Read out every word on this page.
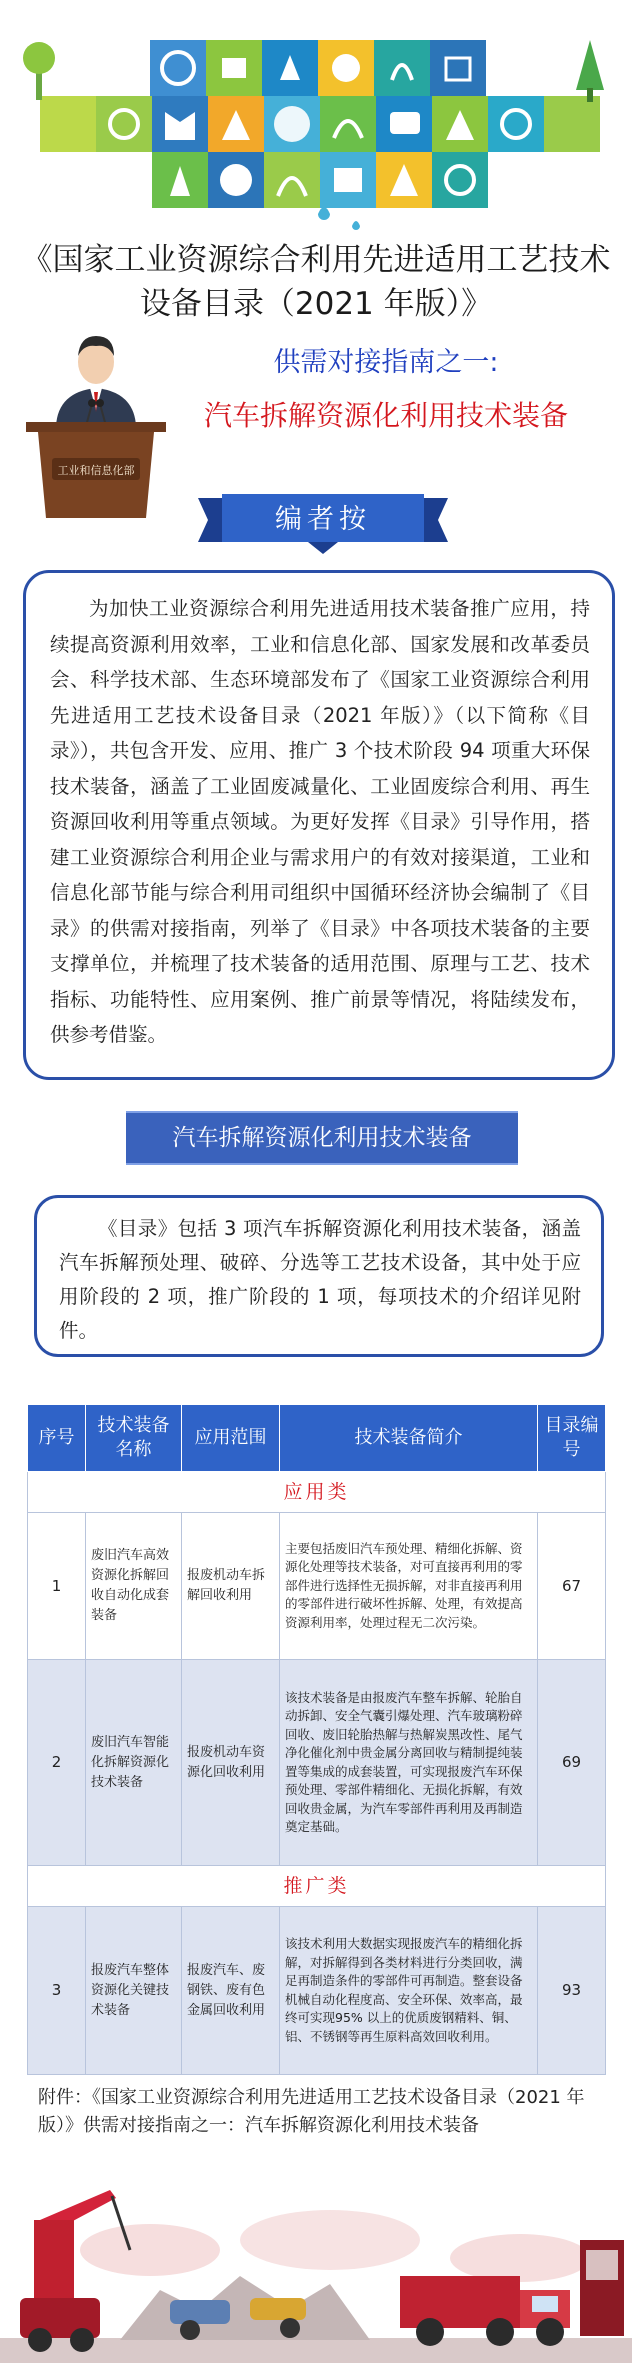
《国家工业资源综合利用先进适用工艺技术设备目录（2021 年版）》
工业和信息化部
供需对接指南之一:
汽车拆解资源化利用技术装备
编者按

为加快工业资源综合利用先进适用技术装备推广应用，持续提高资源利用效率，工业和信息化部、国家发展和改革委员会、科学技术部、生态环境部发布了《国家工业资源综合利用先进适用工艺技术设备目录（2021 年版）》（以下简称《目录》），共包含开发、应用、推广 3 个技术阶段 94 项重大环保技术装备，涵盖了工业固废减量化、工业固废综合利用、再生资源回收利用等重点领域。为更好发挥《目录》引导作用，搭建工业资源综合利用企业与需求用户的有效对接渠道，工业和信息化部节能与综合利用司组织中国循环经济协会编制了《目录》的供需对接指南，列举了《目录》中各项技术装备的主要支撑单位，并梳理了技术装备的适用范围、原理与工艺、技术指标、功能特性、应用案例、推广前景等情况，将陆续发布，供参考借鉴。

汽车拆解资源化利用技术装备

《目录》包括 3 项汽车拆解资源化利用技术装备，涵盖汽车拆解预处理、破碎、分选等工艺技术设备，其中处于应用阶段的 2 项，推广阶段的 1 项，每项技术的介绍详见附件。

序号	技术装备名称	应用范围	技术装备简介	目录编号
应用类				
1	废旧汽车高效资源化拆解回收自动化成套装备	报废机动车拆解回收利用	主要包括废旧汽车预处理、精细化拆解、资源化处理等技术装备，对可直接再利用的零部件进行选择性无损拆解，对非直接再利用的零部件进行破坏性拆解、处理，有效提高资源利用率，处理过程无二次污染。	67
2	废旧汽车智能化拆解资源化技术装备	报废机动车资源化回收利用	该技术装备是由报废汽车整车拆解、轮胎自动拆卸、安全气囊引爆处理、汽车玻璃粉碎回收、废旧轮胎热解与热解炭黑改性、尾气净化催化剂中贵金属分离回收与精制提纯装置等集成的成套装置，可实现报废汽车环保预处理、零部件精细化、无损化拆解，有效回收贵金属，为汽车零部件再利用及再制造奠定基础。	69
推广类				
3	报废汽车整体资源化关键技术装备	报废汽车、废钢铁、废有色金属回收利用	该技术利用大数据实现报废汽车的精细化拆解，对拆解得到各类材料进行分类回收，满足再制造条件的零部件可再制造。整套设备机械自动化程度高、安全环保、效率高，最终可实现95% 以上的优质废钢精料、铜、铝、不锈钢等再生原料高效回收利用。	93
附件：《国家工业资源综合利用先进适用工艺技术设备目录（2021 年版）》供需对接指南之一：汽车拆解资源化利用技术装备
